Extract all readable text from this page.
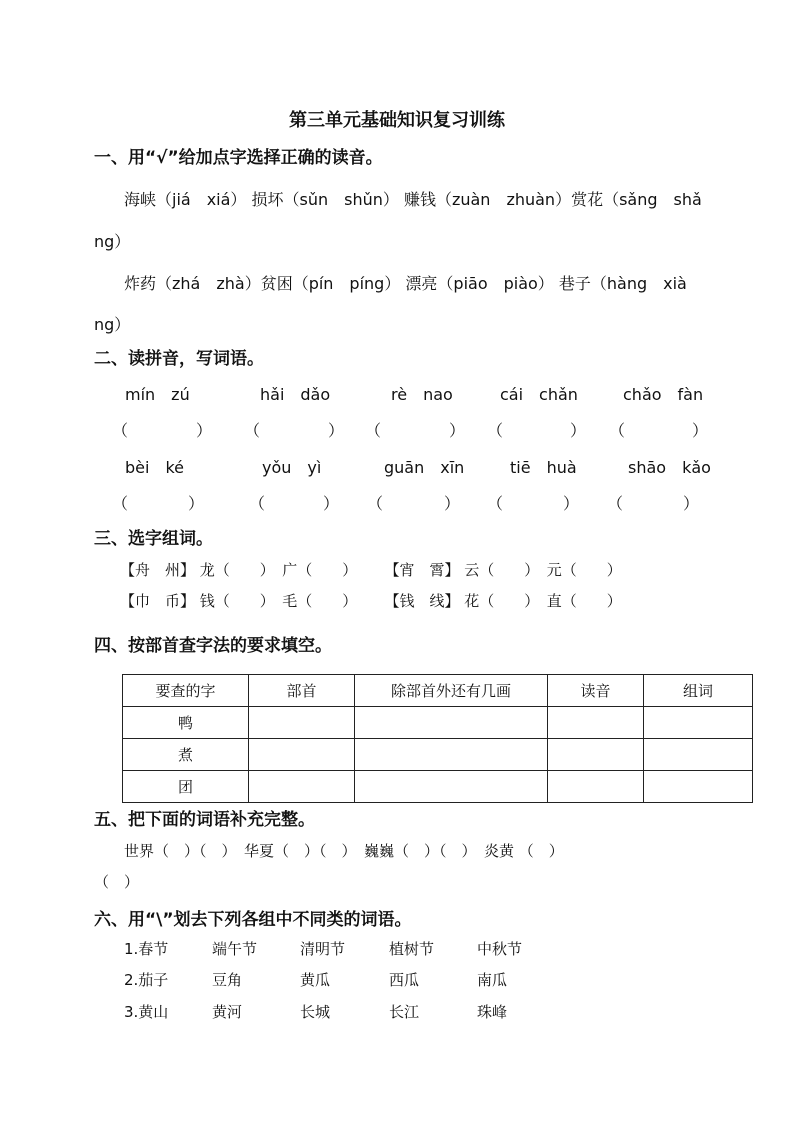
第三单元基础知识复习训练
一、用“√”给加点字选择正确的读音。
海峡（jiá　xiá） 损坏（sǔn　shǔn） 赚钱（zuàn　zhuàn）赏花（sǎng　shǎ
ng）
炸药（zhá　zhà）贫困（pín　píng） 漂亮（piāo　piào） 巷子（hàng　xià
ng）
二、读拼音，写词语。
mín　zú	hǎi　dǎo	rè　nao	cái　chǎn	chǎo　fàn
（	） （	） （	） （	） （	）
bèi　ké	yǒu　yì	guān　xīn	tiē　huà	shāo　kǎo
（	）	（	） （	） （	） （	）
三、选字组词。
【舟　州】 龙（　　）　广（　　）　　 【宵　霄】 云（　　）　元（　　）
【巾　币】 钱（　　）　毛（　　）　　 【钱　线】 花（　　）　直（　　）
四、按部首查字法的要求填空。
要查的字	部首	除部首外还有几画	读音	组词
鸭				
煮				
团				
五、把下面的词语补充完整。
世界（　）（　）　华夏（　）（　）　巍巍（　）（　）　炎黄 （　）
（　）
六、用“\”划去下列各组中不同类的词语。
1.春节	端午节	清明节	植树节	中秋节
2.茄子	豆角	黄瓜	西瓜	南瓜
3.黄山	黄河	长城	长江	珠峰
